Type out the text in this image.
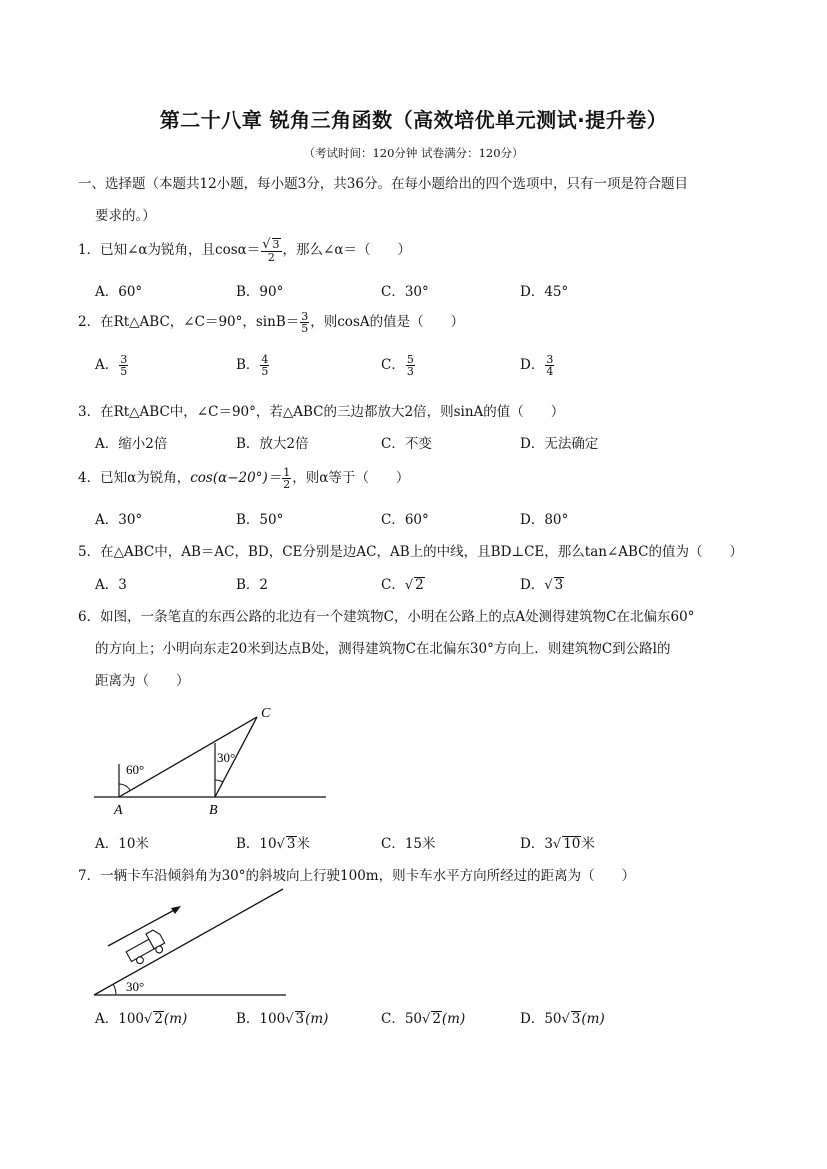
第二十八章 锐角三角函数（高效培优单元测试·提升卷）
（考试时间：120分钟 试卷满分：120分）
一、选择题（本题共12小题，每小题3分，共36分。在每小题给出的四个选项中，只有一项是符合题目
要求的。）
1．已知∠α为锐角，且$\cos\alpha= \frac{√ 3}{2}$ ，那么∠α＝（　　）
A．60°	B．90°	C．30°	D．45°
2．在Rt△ABC，∠C＝90°，$\sin B= \frac{3}{5}$ ，则cosA的值是（　　）
A． $\frac{3}{5}$	B． $\frac{4}{5}$	C． $\frac{5}{3}$	D． $\frac{3}{4}$
3．在Rt△ABC中，∠C＝90°，若△ABC的三边都放大2倍，则sinA的值（　　）
A．缩小2倍	B．放大2倍	C．不变	D．无法确定
4．已知α为锐角，$\cos(\alpha-20^\circ)= \frac{1}{2}$ ，则α等于（　　）
A．30°	B．50°	C．60°	D．80°
5．在△ABC中，AB＝AC，BD，CE分别是边AC，AB上的中线，且BD⊥CE，那么tan∠ABC的值为（　　）
A．3	B．2	C．√ 2	D．√ 3
6．如图，一条笔直的东西公路的北边有一个建筑物C，小明在公路上的点A处测得建筑物C在北偏东60°
的方向上；小明向东走20米到达点B处，测得建筑物C在北偏东30°方向上．则建筑物C到公路l的
距离为（　　）
60°
30°
A	B
C
A．10米	B．10√ 3米	C．15米	D．3√ 10米
7．一辆卡车沿倾斜角为30°的斜坡向上行驶100m，则卡车水平方向所经过的距离为（　　）
30°
A．100√ 2(m)	B．100√ 3(m)	C．50√ 2(m)	D．50√ 3(m)
